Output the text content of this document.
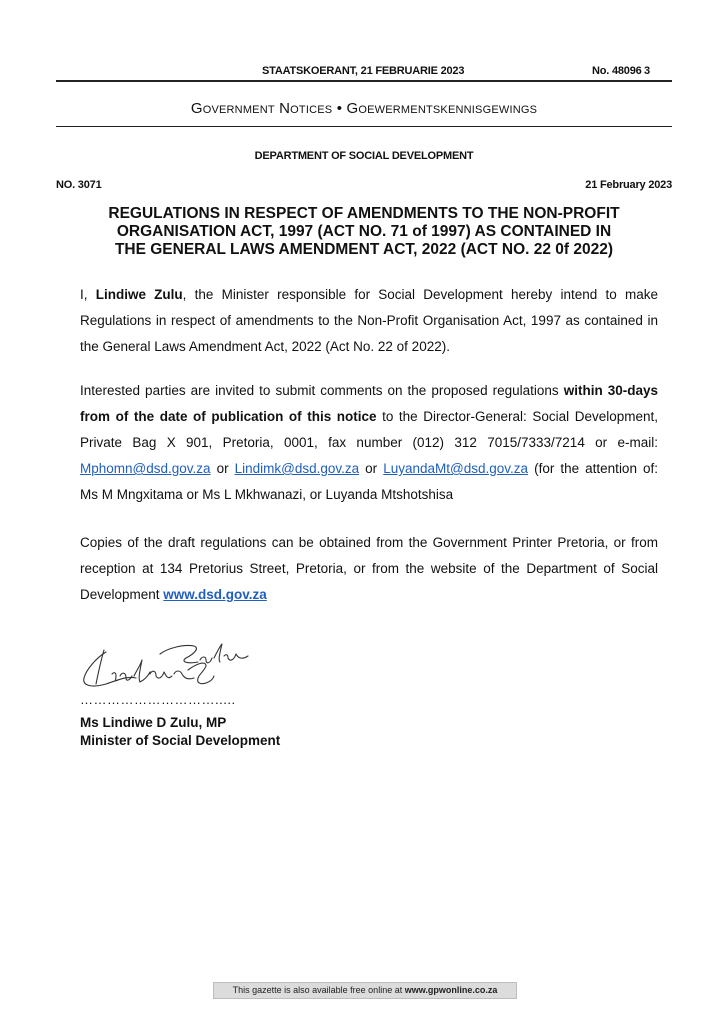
STAATSKOERANT, 21 FEBRUARIE 2023	No. 48096 3
Government Notices • Goewermentskennisgewings
DEPARTMENT OF SOCIAL DEVELOPMENT
NO. 3071	21 February 2023
REGULATIONS IN RESPECT OF AMENDMENTS TO THE NON-PROFIT
ORGANISATION ACT, 1997 (ACT NO. 71 of 1997) AS CONTAINED IN
THE GENERAL LAWS AMENDMENT ACT, 2022 (ACT NO. 22 0f 2022)
I, Lindiwe Zulu, the Minister responsible for Social Development hereby intend to make Regulations in respect of amendments to the Non-Profit Organisation Act, 1997 as contained in the General Laws Amendment Act, 2022 (Act No. 22 of 2022).
Interested parties are invited to submit comments on the proposed regulations within 30-days from of the date of publication of this notice to the Director-General: Social Development, Private Bag X 901, Pretoria, 0001, fax number (012) 312 7015/7333/7214 or e-mail: Mphomn@dsd.gov.za or Lindimk@dsd.gov.za or LuyandaMt@dsd.gov.za (for the attention of: Ms M Mngxitama or Ms L Mkhwanazi, or Luyanda Mtshotshisa
Copies of the draft regulations can be obtained from the Government Printer Pretoria, or from reception at 134 Pretorius Street, Pretoria, or from the website of the Department of Social Development www.dsd.gov.za
………………………….....
Ms Lindiwe D Zulu, MP
Minister of Social Development
This gazette is also available free online at www.gpwonline.co.za
